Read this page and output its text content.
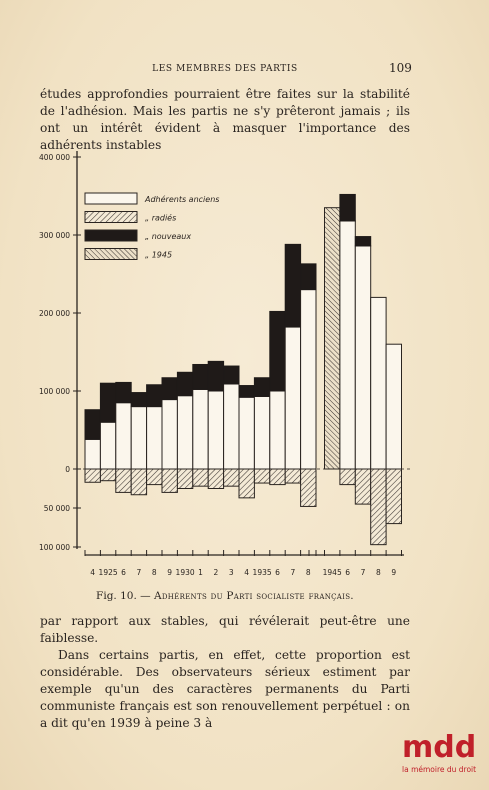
LES MEMBRES DES PARTIS	109

études approfondies pourraient être faites sur la stabilité de l'adhésion. Mais les partis ne s'y prêteront jamais ; ils ont un intérêt évident à masquer l'importance des adhérents instables

400 000
300 000
200 000
100 000
0
50 000
100 000
Adhérents anciens
„ radiés
„ nouveaux
„ 1945
4 1925 6 7 8 9 1930 1 2 3 4 1935 6 7 8 1945 6 7 8 9
Fig. 10. — Adhérents du Parti socialiste français.

par rapport aux stables, qui révélerait peut-être une faiblesse.

Dans certains partis, en effet, cette proportion est considérable. Des observateurs sérieux estiment par exemple qu'un des caractères permanents du Parti communiste français est son renouvellement perpétuel : on a dit qu'en 1939 à peine 3 à

m d d
la mémoire du droit
